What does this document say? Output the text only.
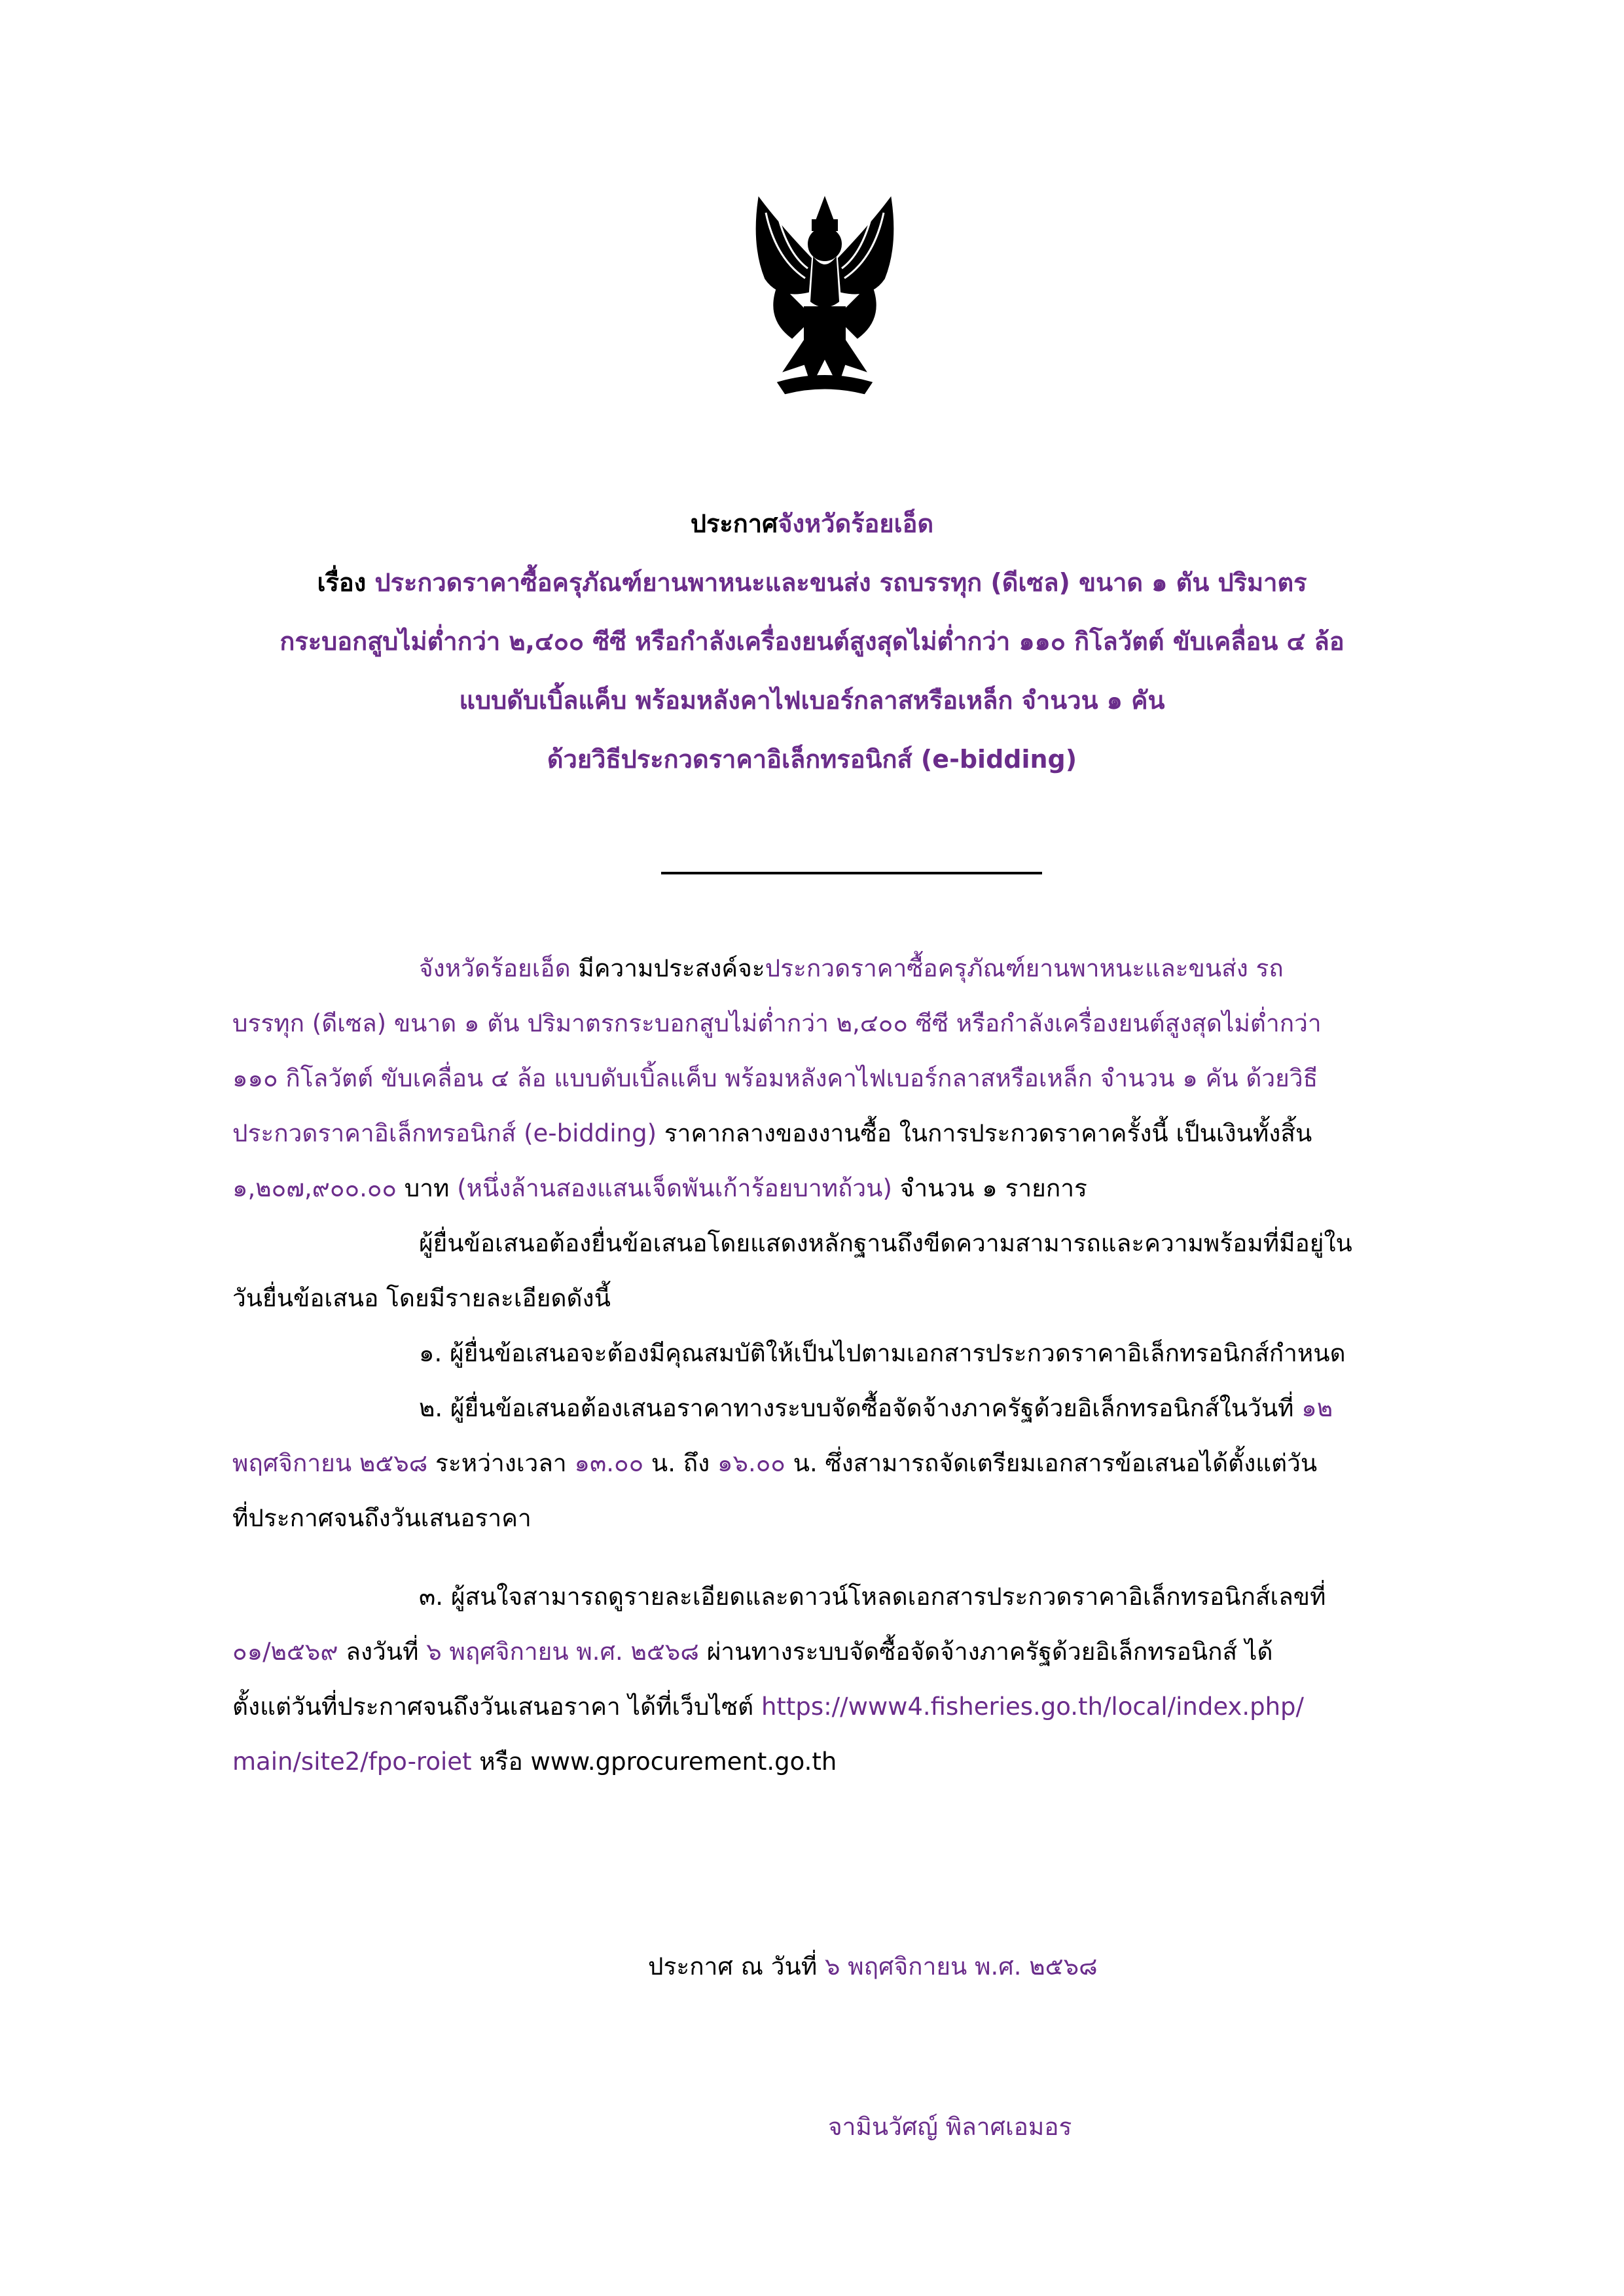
ประกาศจังหวัดร้อยเอ็ด
เรื่อง ประกวดราคาซื้อครุภัณฑ์ยานพาหนะและขนส่ง รถบรรทุก (ดีเซล) ขนาด ๑ ตัน ปริมาตร
กระบอกสูบไม่ต่ำกว่า ๒,๔๐๐ ซีซี หรือกำลังเครื่องยนต์สูงสุดไม่ต่ำกว่า ๑๑๐ กิโลวัตต์ ขับเคลื่อน ๔ ล้อ
แบบดับเบิ้ลแค็บ พร้อมหลังคาไฟเบอร์กลาสหรือเหล็ก จำนวน ๑ คัน
ด้วยวิธีประกวดราคาอิเล็กทรอนิกส์ (e-bidding)
จังหวัดร้อยเอ็ด มีความประสงค์จะประกวดราคาซื้อครุภัณฑ์ยานพาหนะและขนส่ง รถ
บรรทุก (ดีเซล) ขนาด ๑ ตัน ปริมาตรกระบอกสูบไม่ต่ำกว่า ๒,๔๐๐ ซีซี หรือกำลังเครื่องยนต์สูงสุดไม่ต่ำกว่า
๑๑๐ กิโลวัตต์ ขับเคลื่อน ๔ ล้อ แบบดับเบิ้ลแค็บ พร้อมหลังคาไฟเบอร์กลาสหรือเหล็ก จำนวน ๑ คัน ด้วยวิธี
ประกวดราคาอิเล็กทรอนิกส์ (e-bidding) ราคากลางของงานซื้อ ในการประกวดราคาครั้งนี้ เป็นเงินทั้งสิ้น
๑,๒๐๗,๙๐๐.๐๐ บาท (หนึ่งล้านสองแสนเจ็ดพันเก้าร้อยบาทถ้วน) จำนวน ๑ รายการ
ผู้ยื่นข้อเสนอต้องยื่นข้อเสนอโดยแสดงหลักฐานถึงขีดความสามารถและความพร้อมที่มีอยู่ใน
วันยื่นข้อเสนอ โดยมีรายละเอียดดังนี้
๑. ผู้ยื่นข้อเสนอจะต้องมีคุณสมบัติให้เป็นไปตามเอกสารประกวดราคาอิเล็กทรอนิกส์กำหนด
๒. ผู้ยื่นข้อเสนอต้องเสนอราคาทางระบบจัดซื้อจัดจ้างภาครัฐด้วยอิเล็กทรอนิกส์ในวันที่ ๑๒
พฤศจิกายน ๒๕๖๘ ระหว่างเวลา ๑๓.๐๐ น. ถึง ๑๖.๐๐ น. ซึ่งสามารถจัดเตรียมเอกสารข้อเสนอได้ตั้งแต่วัน
ที่ประกาศจนถึงวันเสนอราคา
๓. ผู้สนใจสามารถดูรายละเอียดและดาวน์โหลดเอกสารประกวดราคาอิเล็กทรอนิกส์เลขที่
๐๑/๒๕๖๙ ลงวันที่ ๖ พฤศจิกายน พ.ศ. ๒๕๖๘ ผ่านทางระบบจัดซื้อจัดจ้างภาครัฐด้วยอิเล็กทรอนิกส์ ได้
ตั้งแต่วันที่ประกาศจนถึงวันเสนอราคา ได้ที่เว็บไซต์ https://www4.fisheries.go.th/local/index.php/
main/site2/fpo-roiet หรือ www.gprocurement.go.th
ประกาศ ณ วันที่ ๖ พฤศจิกายน พ.ศ. ๒๕๖๘
จามินวัศญ์ พิลาศเอมอร
